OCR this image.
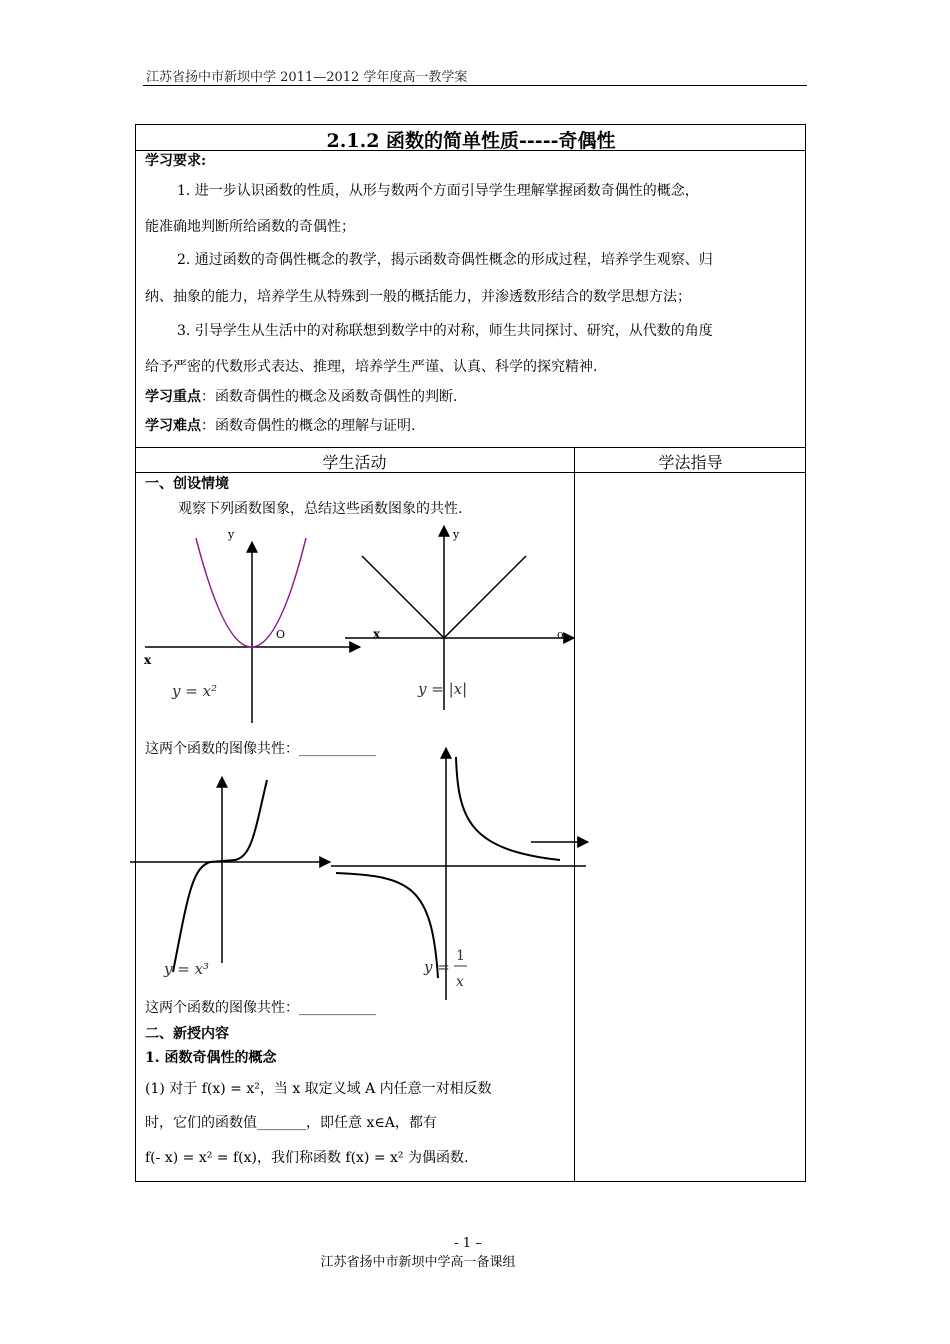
江苏省扬中市新坝中学 2011—2012 学年度高一教学案
2.1.2 函数的简单性质-----奇偶性
学习要求:
1. 进一步认识函数的性质，从形与数两个方面引导学生理解掌握函数奇偶性的概念，
能准确地判断所给函数的奇偶性；
2. 通过函数的奇偶性概念的教学，揭示函数奇偶性概念的形成过程，培养学生观察、归
纳、抽象的能力，培养学生从特殊到一般的概括能力，并渗透数形结合的数学思想方法；
3. 引导学生从生活中的对称联想到数学中的对称，师生共同探讨、研究，从代数的角度
给予严密的代数形式表达、推理，培养学生严谨、认真、科学的探究精神.
学习重点：函数奇偶性的概念及函数奇偶性的判断.
学习难点：函数奇偶性的概念的理解与证明.
学生活动	学法指导
一、创设情境
观察下列函数图象，总结这些函数图象的共性.
y
x
O
y = x²
y
x	o
y = |x|
y = x³	y =
1
x
这两个函数的图像共性：___________
这两个函数的图像共性：___________
二、新授内容
1. 函数奇偶性的概念
(1) 对于 f(x) = x²，当 x 取定义域 A 内任意一对相反数
时，它们的函数值_______，即任意 x∈A，都有
f(- x) = x² = f(x)，我们称函数 f(x) = x² 为偶函数.
- 1 –
江苏省扬中市新坝中学高一备课组
